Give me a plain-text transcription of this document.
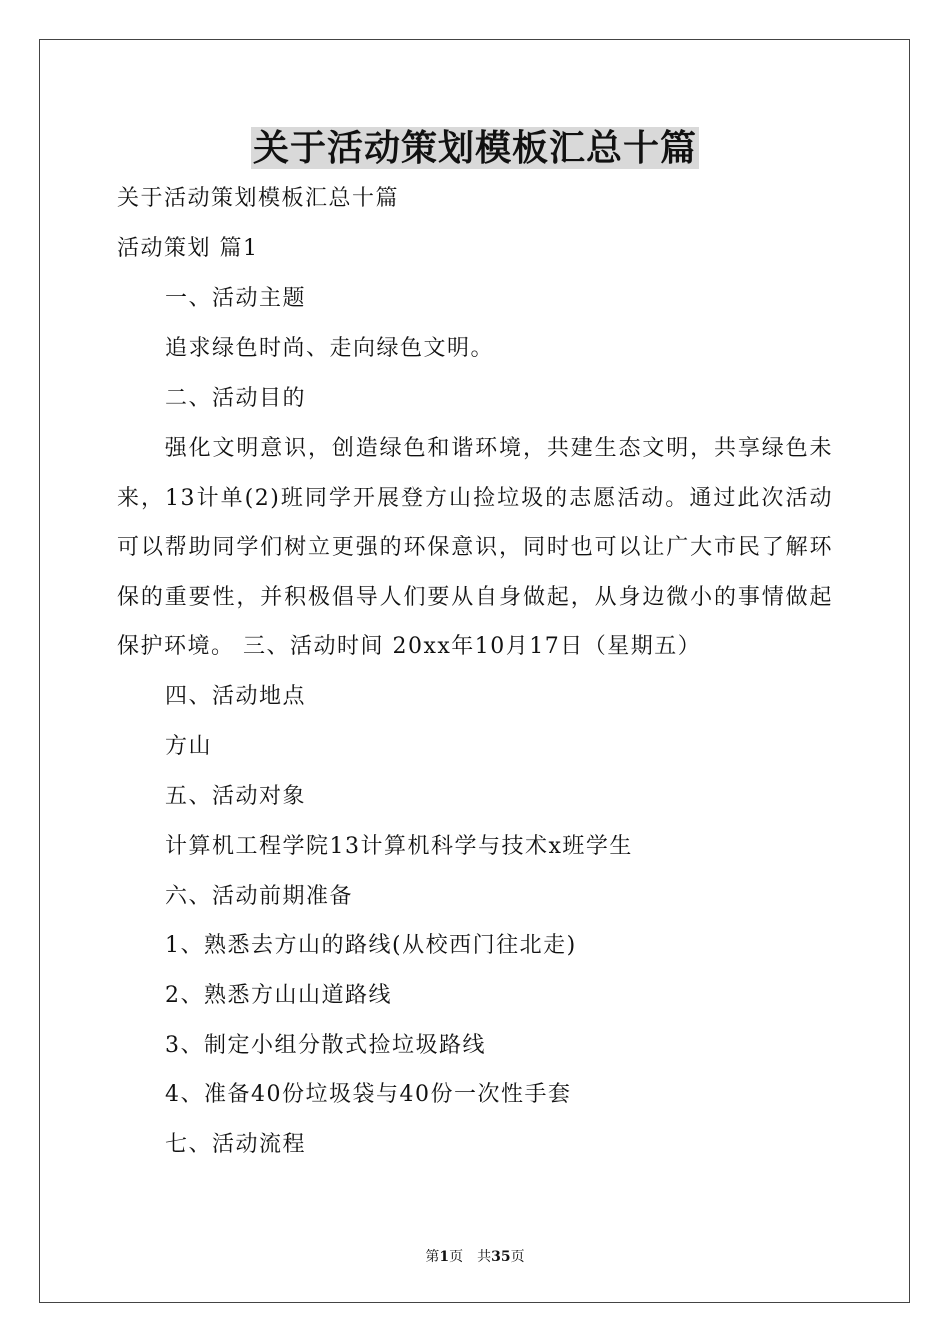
关于活动策划模板汇总十篇
关于活动策划模板汇总十篇
活动策划 篇1
一、活动主题
追求绿色时尚、走向绿色文明。
二、活动目的

　　强化文明意识，创造绿色和谐环境，共建生态文明，共享绿色未来，13计单(2)班同学开展登方山捡垃圾的志愿活动。通过此次活动可以帮助同学们树立更强的环保意识，同时也可以让广大市民了解环保的重要性，并积极倡导人们要从自身做起，从身边微小的事情做起保护环境。 三、活动时间 20xx年10月17日（星期五）

四、活动地点
方山
五、活动对象
计算机工程学院13计算机科学与技术x班学生
六、活动前期准备
1、熟悉去方山的路线(从校西门往北走)
2、熟悉方山山道路线
3、制定小组分散式捡垃圾路线
4、准备40份垃圾袋与40份一次性手套
七、活动流程
第1页　共35页
